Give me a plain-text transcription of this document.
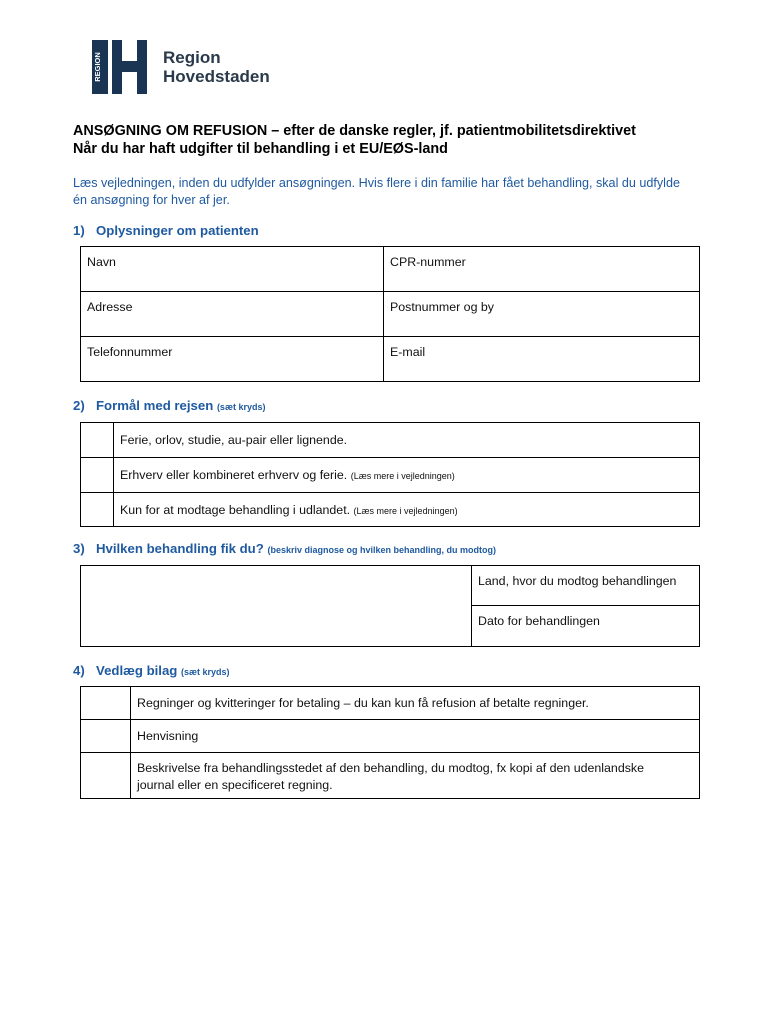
REGION	Region
Hovedstaden
ANSØGNING OM REFUSION – efter de danske regler, jf. patientmobilitetsdirektivet
Når du har haft udgifter til behandling i et EU/EØS-land
Læs vejledningen, inden du udfylder ansøgningen. Hvis flere i din familie har fået behandling, skal du udfylde én ansøgning for hver af jer.
1) Oplysninger om patienten
Navn	CPR-nummer
Adresse	Postnummer og by
Telefonnummer	E-mail
2) Formål med rejsen (sæt kryds)
	Ferie, orlov, studie, au-pair eller lignende.
	Erhverv eller kombineret erhverv og ferie. (Læs mere i vejledningen)
	Kun for at modtage behandling i udlandet. (Læs mere i vejledningen)
3) Hvilken behandling fik du? (beskriv diagnose og hvilken behandling, du modtog)
	Land, hvor du modtog behandlingen
Dato for behandlingen
4) Vedlæg bilag (sæt kryds)
	Regninger og kvitteringer for betaling – du kan kun få refusion af betalte regninger.
	Henvisning

	Beskrivelse fra behandlingsstedet af den behandling, du modtog, fx kopi af den udenlandske
journal eller en specificeret regning.
